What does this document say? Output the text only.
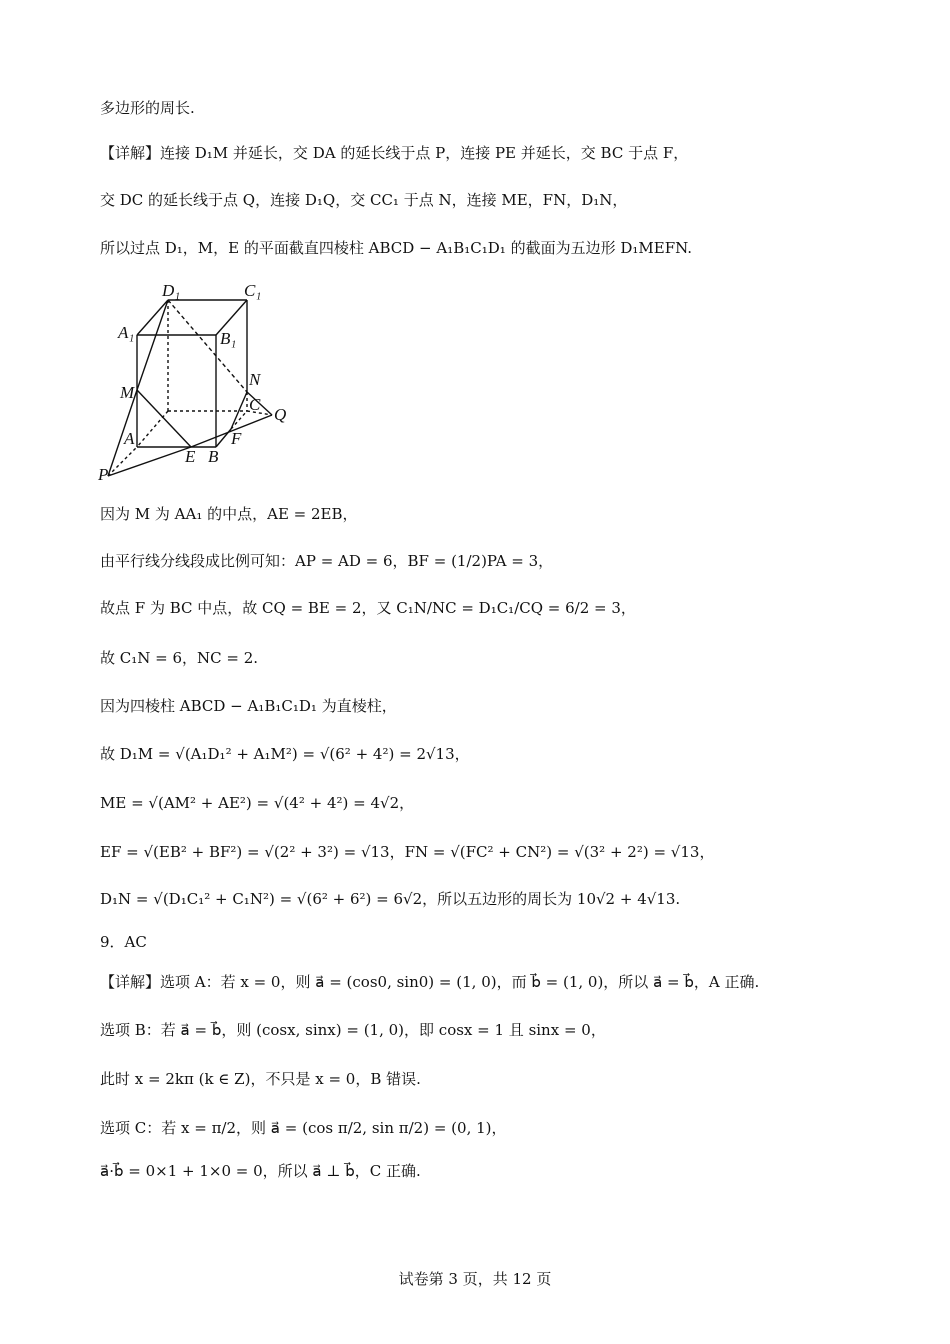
多边形的周长.
【详解】连接 D₁M 并延长，交 DA 的延长线于点 P，连接 PE 并延长，交 BC 于点 F，
交 DC 的延长线于点 Q，连接 D₁Q，交 CC₁ 于点 N，连接 ME，FN，D₁N，
所以过点 D₁，M，E 的平面截直四棱柱 ABCD − A₁B₁C₁D₁ 的截面为五边形 D₁MEFN.
D₁	C₁
A₁	B₁
M
N
C
Q
A	F
E B
P
因为 M 为 AA₁ 的中点，AE = 2EB，
由平行线分线段成比例可知：AP = AD = 6，BF = (1/2)PA = 3，
故点 F 为 BC 中点，故 CQ = BE = 2，又 C₁N/NC = D₁C₁/CQ = 6/2 = 3，
故 C₁N = 6，NC = 2.
因为四棱柱 ABCD − A₁B₁C₁D₁ 为直棱柱，
故 D₁M = √(A₁D₁² + A₁M²) = √(6² + 4²) = 2√13，
ME = √(AM² + AE²) = √(4² + 4²) = 4√2，
EF = √(EB² + BF²) = √(2² + 3²) = √13，FN = √(FC² + CN²) = √(3² + 2²) = √13，
D₁N = √(D₁C₁² + C₁N²) = √(6² + 6²) = 6√2，所以五边形的周长为 10√2 + 4√13.
9．AC
【详解】选项 A：若 x = 0，则 a⃗ = (cos0, sin0) = (1, 0)，而 b⃗ = (1, 0)，所以 a⃗ = b⃗，A 正确.
选项 B：若 a⃗ = b⃗，则 (cosx, sinx) = (1, 0)，即 cosx = 1 且 sinx = 0，
此时 x = 2kπ (k ∈ Z)，不只是 x = 0，B 错误.
选项 C：若 x = π/2，则 a⃗ = (cos π/2, sin π/2) = (0, 1)，
a⃗·b⃗ = 0×1 + 1×0 = 0，所以 a⃗ ⊥ b⃗，C 正确.
试卷第 3 页，共 12 页
